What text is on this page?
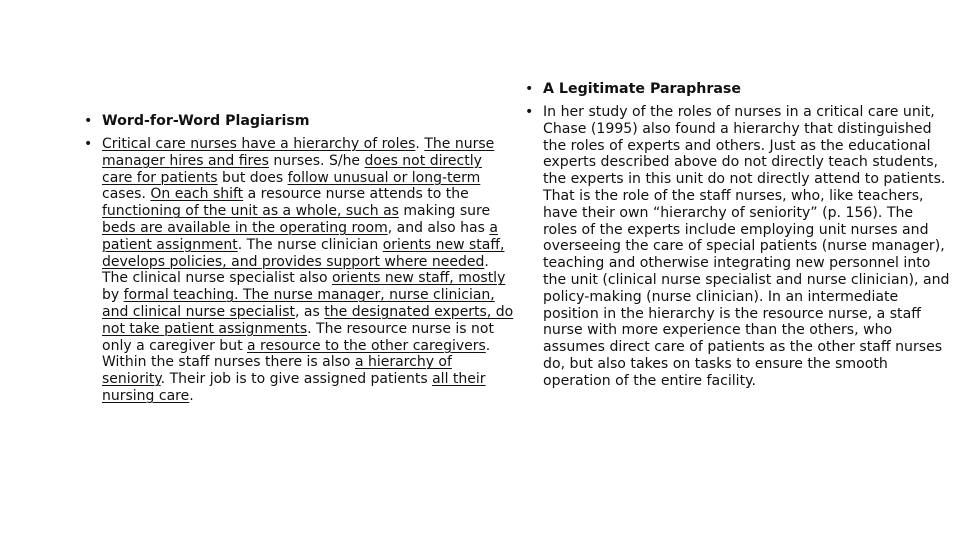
• Word-for-Word Plagiarism
• Critical care nurses have a hierarchy of roles. The nurse manager hires and fires nurses. S/he does not directly care for patients but does follow unusual or long-term cases. On each shift a resource nurse attends to the functioning of the unit as a whole, such as making sure beds are available in the operating room, and also has a patient assignment. The nurse clinician orients new staff, develops policies, and provides support where needed. The clinical nurse specialist also orients new staff, mostly by formal teaching. The nurse manager, nurse clinician, and clinical nurse specialist, as the designated experts, do not take patient assignments. The resource nurse is not only a caregiver but a resource to the other caregivers. Within the staff nurses there is also a hierarchy of seniority. Their job is to give assigned patients all their nursing care.
• A Legitimate Paraphrase
• In her study of the roles of nurses in a critical care unit, Chase (1995) also found a hierarchy that distinguished the roles of experts and others. Just as the educational experts described above do not directly teach students, the experts in this unit do not directly attend to patients. That is the role of the staff nurses, who, like teachers, have their own “hierarchy of seniority” (p. 156). The roles of the experts include employing unit nurses and overseeing the care of special patients (nurse manager), teaching and otherwise integrating new personnel into the unit (clinical nurse specialist and nurse clinician), and policy-making (nurse clinician). In an intermediate position in the hierarchy is the resource nurse, a staff nurse with more experience than the others, who assumes direct care of patients as the other staff nurses do, but also takes on tasks to ensure the smooth operation of the entire facility.
